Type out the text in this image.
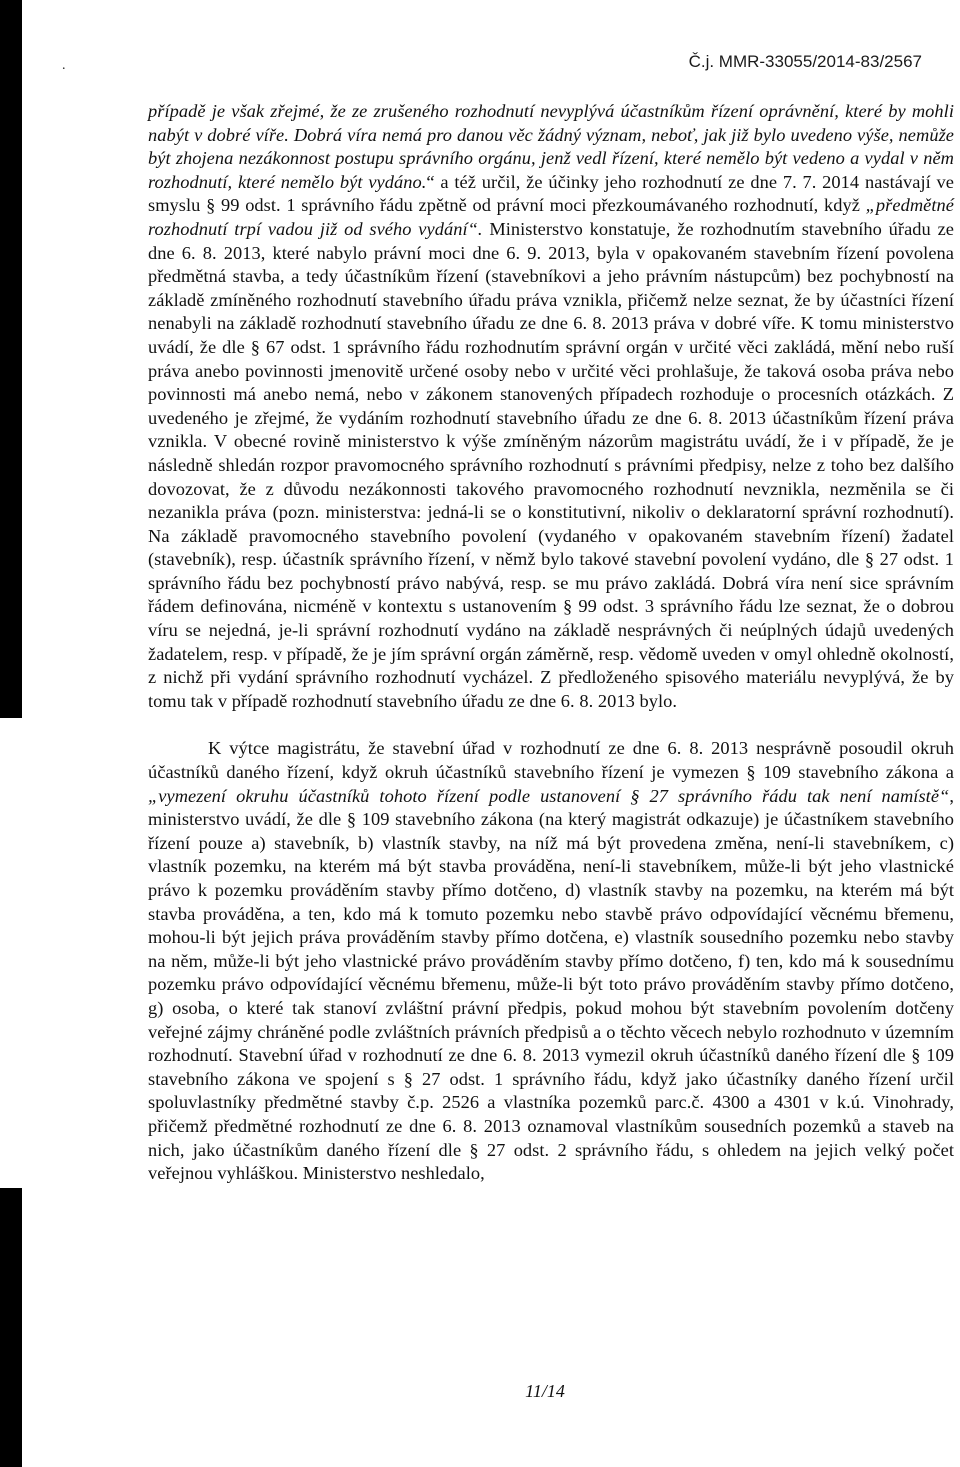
.	Č.j. MMR-33055/2014-83/2567

případě je však zřejmé, že ze zrušeného rozhodnutí nevyplývá účastníkům řízení oprávnění, které by mohli nabýt v dobré víře. Dobrá víra nemá pro danou věc žádný význam, neboť, jak již bylo uvedeno výše, nemůže být zhojena nezákonnost postupu správního orgánu, jenž vedl řízení, které nemělo být vedeno a vydal v něm rozhodnutí, které nemělo být vydáno.“ a též určil, že účinky jeho rozhodnutí ze dne 7. 7. 2014 nastávají ve smyslu § 99 odst. 1 správního řádu zpětně od právní moci přezkoumávaného rozhodnutí, když „předmětné rozhodnutí trpí vadou již od svého vydání“. Ministerstvo konstatuje, že rozhodnutím stavebního úřadu ze dne 6. 8. 2013, které nabylo právní moci dne 6. 9. 2013, byla v opakovaném stavebním řízení povolena předmětná stavba, a tedy účastníkům řízení (stavebníkovi a jeho právním nástupcům) bez pochybností na základě zmíněného rozhodnutí stavebního úřadu práva vznikla, přičemž nelze seznat, že by účastníci řízení nenabyli na základě rozhodnutí stavebního úřadu ze dne 6. 8. 2013 práva v dobré víře. K tomu ministerstvo uvádí, že dle § 67 odst. 1 správního řádu rozhodnutím správní orgán v určité věci zakládá, mění nebo ruší práva anebo povinnosti jmenovitě určené osoby nebo v určité věci prohlašuje, že taková osoba práva nebo povinnosti má anebo nemá, nebo v zákonem stanovených případech rozhoduje o procesních otázkách. Z uvedeného je zřejmé, že vydáním rozhodnutí stavebního úřadu ze dne 6. 8. 2013 účastníkům řízení práva vznikla. V obecné rovině ministerstvo k výše zmíněným názorům magistrátu uvádí, že i v případě, že je následně shledán rozpor pravomocného správního rozhodnutí s právními předpisy, nelze z toho bez dalšího dovozovat, že z důvodu nezákonnosti takového pravomocného rozhodnutí nevznikla, nezměnila se či nezanikla práva (pozn. ministerstva: jedná-li se o konstitutivní, nikoliv o deklaratorní správní rozhodnutí). Na základě pravomocného stavebního povolení (vydaného v opakovaném stavebním řízení) žadatel (stavebník), resp. účastník správního řízení, v němž bylo takové stavební povolení vydáno, dle § 27 odst. 1 správního řádu bez pochybností právo nabývá, resp. se mu právo zakládá. Dobrá víra není sice správním řádem definována, nicméně v kontextu s ustanovením § 99 odst. 3 správního řádu lze seznat, že o dobrou víru se nejedná, je-li správní rozhodnutí vydáno na základě nesprávných či neúplných údajů uvedených žadatelem, resp. v případě, že je jím správní orgán záměrně, resp. vědomě uveden v omyl ohledně okolností, z nichž při vydání správního rozhodnutí vycházel. Z předloženého spisového materiálu nevyplývá, že by tomu tak v případě rozhodnutí stavebního úřadu ze dne 6. 8. 2013 bylo.

K výtce magistrátu, že stavební úřad v rozhodnutí ze dne 6. 8. 2013 nesprávně posoudil okruh účastníků daného řízení, když okruh účastníků stavebního řízení je vymezen § 109 stavebního zákona a „vymezení okruhu účastníků tohoto řízení podle ustanovení § 27 správního řádu tak není namístě“, ministerstvo uvádí, že dle § 109 stavebního zákona (na který magistrát odkazuje) je účastníkem stavebního řízení pouze a) stavebník, b) vlastník stavby, na níž má být provedena změna, není-li stavebníkem, c) vlastník pozemku, na kterém má být stavba prováděna, není-li stavebníkem, může-li být jeho vlastnické právo k pozemku prováděním stavby přímo dotčeno, d) vlastník stavby na pozemku, na kterém má být stavba prováděna, a ten, kdo má k tomuto pozemku nebo stavbě právo odpovídající věcnému břemenu, mohou-li být jejich práva prováděním stavby přímo dotčena, e) vlastník sousedního pozemku nebo stavby na něm, může-li být jeho vlastnické právo prováděním stavby přímo dotčeno, f) ten, kdo má k sousednímu pozemku právo odpovídající věcnému břemenu, může-li být toto právo prováděním stavby přímo dotčeno, g) osoba, o které tak stanoví zvláštní právní předpis, pokud mohou být stavebním povolením dotčeny veřejné zájmy chráněné podle zvláštních právních předpisů a o těchto věcech nebylo rozhodnuto v územním rozhodnutí. Stavební úřad v rozhodnutí ze dne 6. 8. 2013 vymezil okruh účastníků daného řízení dle § 109 stavebního zákona ve spojení s § 27 odst. 1 správního řádu, když jako účastníky daného řízení určil spoluvlastníky předmětné stavby č.p. 2526 a vlastníka pozemků parc.č. 4300 a 4301 v k.ú. Vinohrady, přičemž předmětné rozhodnutí ze dne 6. 8. 2013 oznamoval vlastníkům sousedních pozemků a staveb na nich, jako účastníkům daného řízení dle § 27 odst. 2 správního řádu, s ohledem na jejich velký počet veřejnou vyhláškou. Ministerstvo neshledalo,

11/14
